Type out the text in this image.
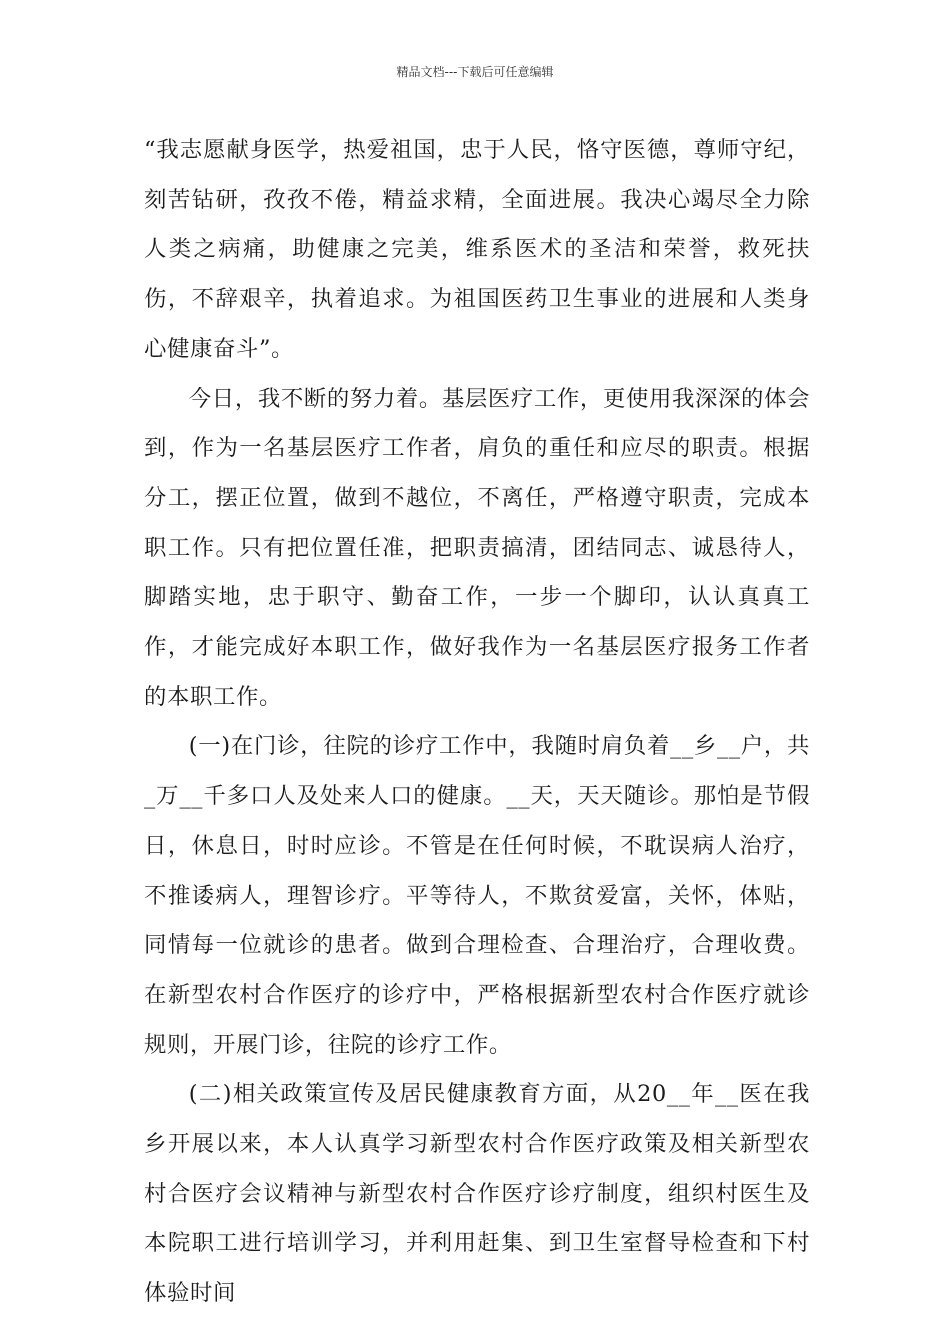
精品文档---下载后可任意编辑

“我志愿献身医学，热爱祖国，忠于人民，恪守医德，尊师守纪，刻苦钻研，孜孜不倦，精益求精，全面进展。我决心竭尽全力除人类之病痛，助健康之完美，维系医术的圣洁和荣誉，救死扶伤，不辞艰辛，执着追求。为祖国医药卫生事业的进展和人类身心健康奋斗”。

今日，我不断的努力着。基层医疗工作，更使用我深深的体会到，作为一名基层医疗工作者，肩负的重任和应尽的职责。根据分工，摆正位置，做到不越位，不离任，严格遵守职责，完成本职工作。只有把位置任准，把职责搞清，团结同志、诚恳待人，脚踏实地，忠于职守、勤奋工作，一步一个脚印，认认真真工作，才能完成好本职工作，做好我作为一名基层医疗报务工作者的本职工作。

(一)在门诊，往院的诊疗工作中，我随时肩负着__乡__户，共_万__千多口人及处来人口的健康。__天，天天随诊。那怕是节假日，休息日，时时应诊。不管是在任何时候，不耽误病人治疗，不推诿病人，理智诊疗。平等待人，不欺贫爱富，关怀，体贴，同情每一位就诊的患者。做到合理检查、合理治疗，合理收费。在新型农村合作医疗的诊疗中，严格根据新型农村合作医疗就诊规则，开展门诊，往院的诊疗工作。

(二)相关政策宣传及居民健康教育方面，从20__年__医在我乡开展以来，本人认真学习新型农村合作医疗政策及相关新型农村合医疗会议精神与新型农村合作医疗诊疗制度，组织村医生及本院职工进行培训学习，并利用赶集、到卫生室督导检查和下村体验时间
